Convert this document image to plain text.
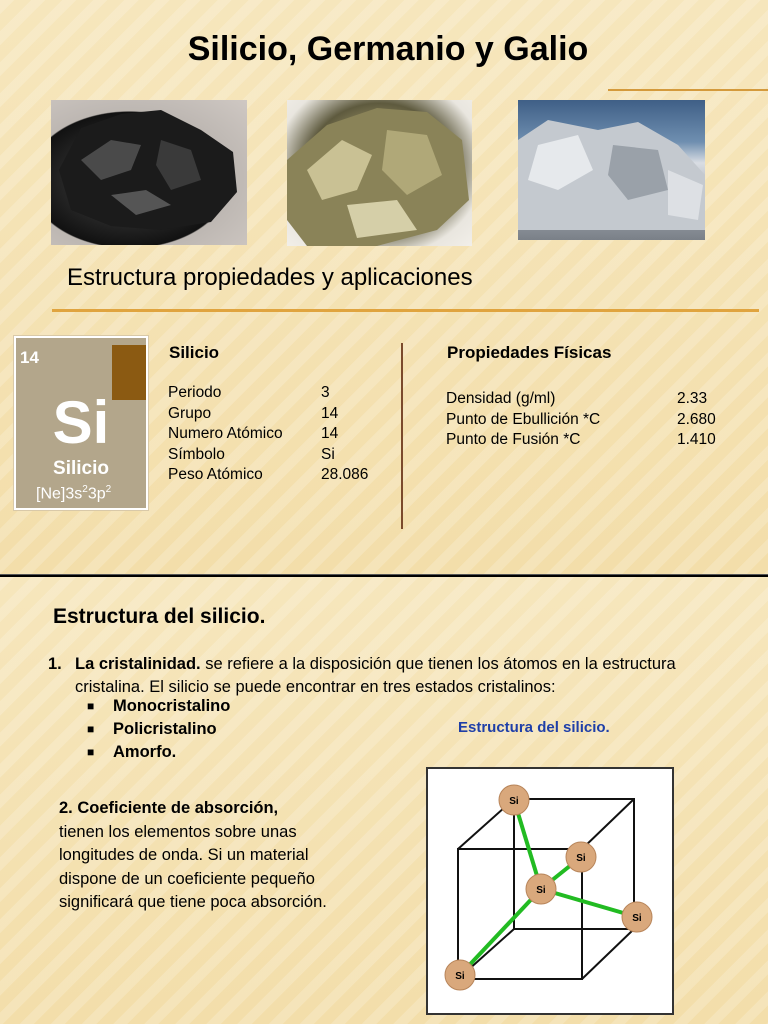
Silicio, Germanio y Galio
Estructura propiedades y aplicaciones
14
Si
Silicio
$[Ne]3s^23p^2$
Silicio
Periodo	3
Grupo	14
Numero Atómico	14
Símbolo	Si
Peso Atómico	28.086
Propiedades Físicas
Densidad (g/ml)	2.33
Punto de Ebullición *C	2.680
Punto de Fusión *C	1.410
Estructura del silicio.
1. La cristalinidad. se refiere a la disposición que tienen los átomos en la estructura cristalina. El silicio se puede encontrar en tres estados cristalinos:
■ Monocristalino
■ Policristalino
■ Amorfo.
Estructura del silicio.
2. Coeficiente de absorción,
tienen los elementos sobre unas longitudes de onda. Si un material dispone de un coeficiente pequeño significará que tiene poca absorción.
Si
Si
Si
Si
Si
